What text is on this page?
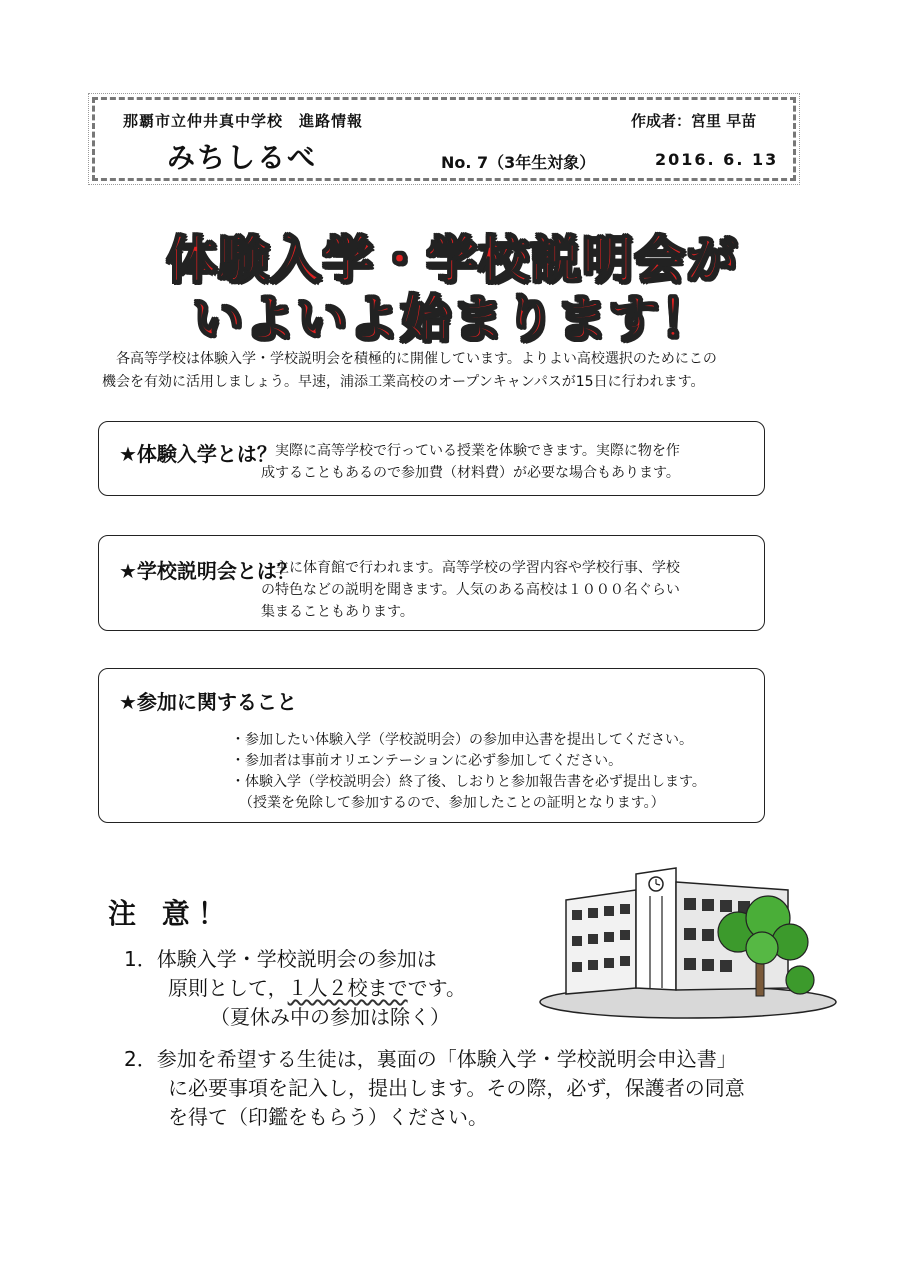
那覇市立仲井真中学校　進路情報
みちしるべ
作成者：宮里 早苗
No. 7（3年生対象）	2016. 6. 13
体験入学・学校説明会が
いよいよ始まります！

各高等学校は体験入学・学校説明会を積極的に開催しています。よりよい高校選択のためにこの

機会を有効に活用しましょう。早速，浦添工業高校のオープンキャンパスが15日に行われます。

★体験入学とは？

実際に高等学校で行っている授業を体験できます。実際に物を作

成することもあるので参加費（材料費）が必要な場合もあります。

★学校説明会とは？

主に体育館で行われます。高等学校の学習内容や学校行事、学校

の特色などの説明を聞きます。人気のある高校は１０００名ぐらい

集まることもあります。

★参加に関すること

・参加したい体験入学（学校説明会）の参加申込書を提出してください。

・参加者は事前オリエンテーションに必ず参加してください。

・体験入学（学校説明会）終了後、しおりと参加報告書を必ず提出します。

（授業を免除して参加するので、参加したことの証明となります。）

注 意！

1．体験入学・学校説明会の参加は

原則として，１人２校までです。

（夏休み中の参加は除く）

2．参加を希望する生徒は，裏面の「体験入学・学校説明会申込書」

に必要事項を記入し，提出します。その際，必ず，保護者の同意

を得て（印鑑をもらう）ください。
